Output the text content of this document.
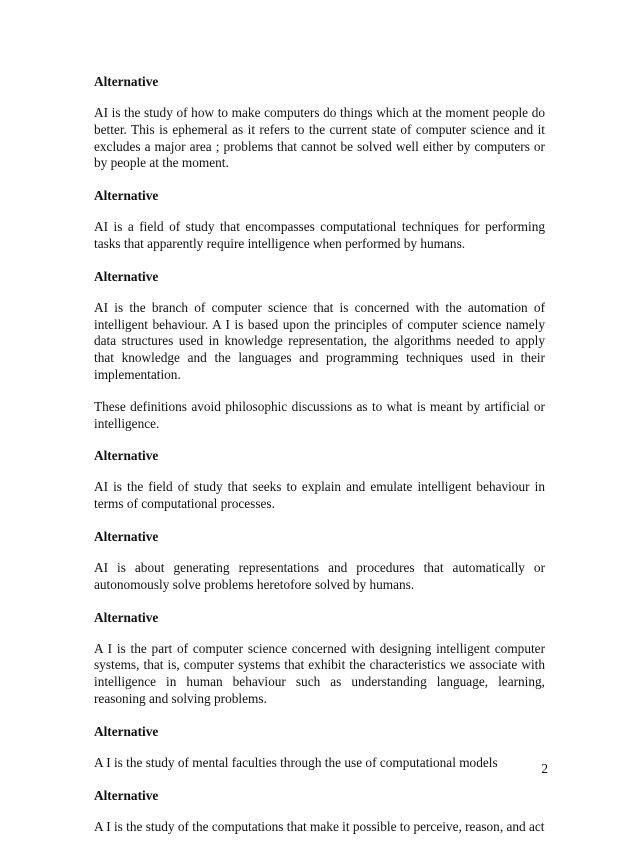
Alternative
AI is the study of how to make computers do things which at the moment people do better. This is ephemeral as it refers to the current state of computer science and it excludes a major area ; problems that cannot be solved well either by computers or by people at the moment.
Alternative
AI is a field of study that encompasses computational techniques for performing tasks that apparently require intelligence when performed by humans.
Alternative
AI is the branch of computer science that is concerned with the automation of intelligent behaviour. A I is based upon the principles of computer science namely data structures used in knowledge representation, the algorithms needed to apply that knowledge and the languages and programming techniques used in their implementation.
These definitions avoid philosophic discussions as to what is meant by artificial or intelligence.
Alternative
AI is the field of study that seeks to explain and emulate intelligent behaviour in terms of computational processes.
Alternative
AI is about generating representations and procedures that automatically or autonomously solve problems heretofore solved by humans.
Alternative
A I is the part of computer science concerned with designing intelligent computer systems, that is, computer systems that exhibit the characteristics we associate with intelligence in human behaviour such as understanding language, learning, reasoning and solving problems.
Alternative
A I is the study of mental faculties through the use of computational models
Alternative
A I is the study of the computations that make it possible to perceive, reason, and act
2
